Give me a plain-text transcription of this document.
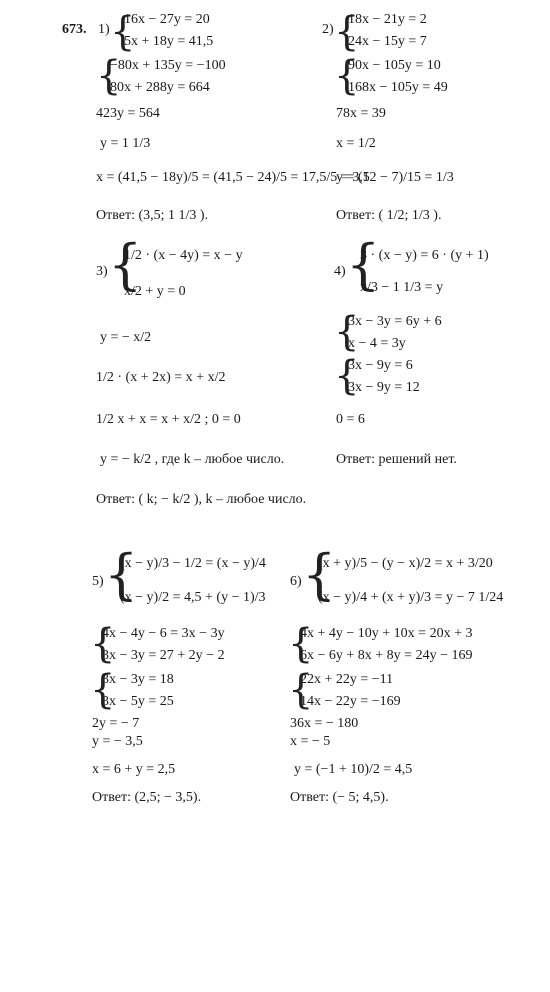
673. 1) {
16x − 27y = 20
5x + 18y = 41,5
{
−80x + 135y = −100
80x + 288y = 664
423y = 564
y = 1 1/3
x = (41,5 − 18y)/5 = (41,5 − 24)/5 = 17,5/5 = 3,5
Ответ: (3,5; 1 1/3 ).
2) {
18x − 21y = 2
24x − 15y = 7
{
90x − 105y = 10
168x − 105y = 49
78x = 39
x = 1/2
y = (12 − 7)/15 = 1/3
Ответ: ( 1/2; 1/3 ).
3) {
1/2 · (x − 4y) = x − y
x/2 + y = 0
y = − x/2
1/2 · (x + 2x) = x + x/2
1/2 x + x = x + x/2 ; 0 = 0
y = − k/2 , где k – любое число.
Ответ: ( k; − k/2 ), k – любое число.
4) {
3 · (x − y) = 6 · (y + 1)
x/3 − 1 1/3 = y
{
3x − 3y = 6y + 6
x − 4 = 3y
{
3x − 9y = 6
3x − 9y = 12
0 = 6
Ответ: решений нет.
5) {
(x − y)/3 − 1/2 = (x − y)/4
(x − y)/2 = 4,5 + (y − 1)/3
{
4x − 4y − 6 = 3x − 3y
3x − 3y = 27 + 2y − 2
{
3x − 3y = 18
3x − 5y = 25
2y = − 7
y = − 3,5
x = 6 + y = 2,5
Ответ: (2,5; − 3,5).
6) {
(x + y)/5 − (y − x)/2 = x + 3/20
(x − y)/4 + (x + y)/3 = y − 7 1/24
{
4x + 4y − 10y + 10x = 20x + 3
6x − 6y + 8x + 8y = 24y − 169
{
22x + 22y = −11
14x − 22y = −169
36x = − 180
x = − 5
y = (−1 + 10)/2 = 4,5
Ответ: (− 5; 4,5).
